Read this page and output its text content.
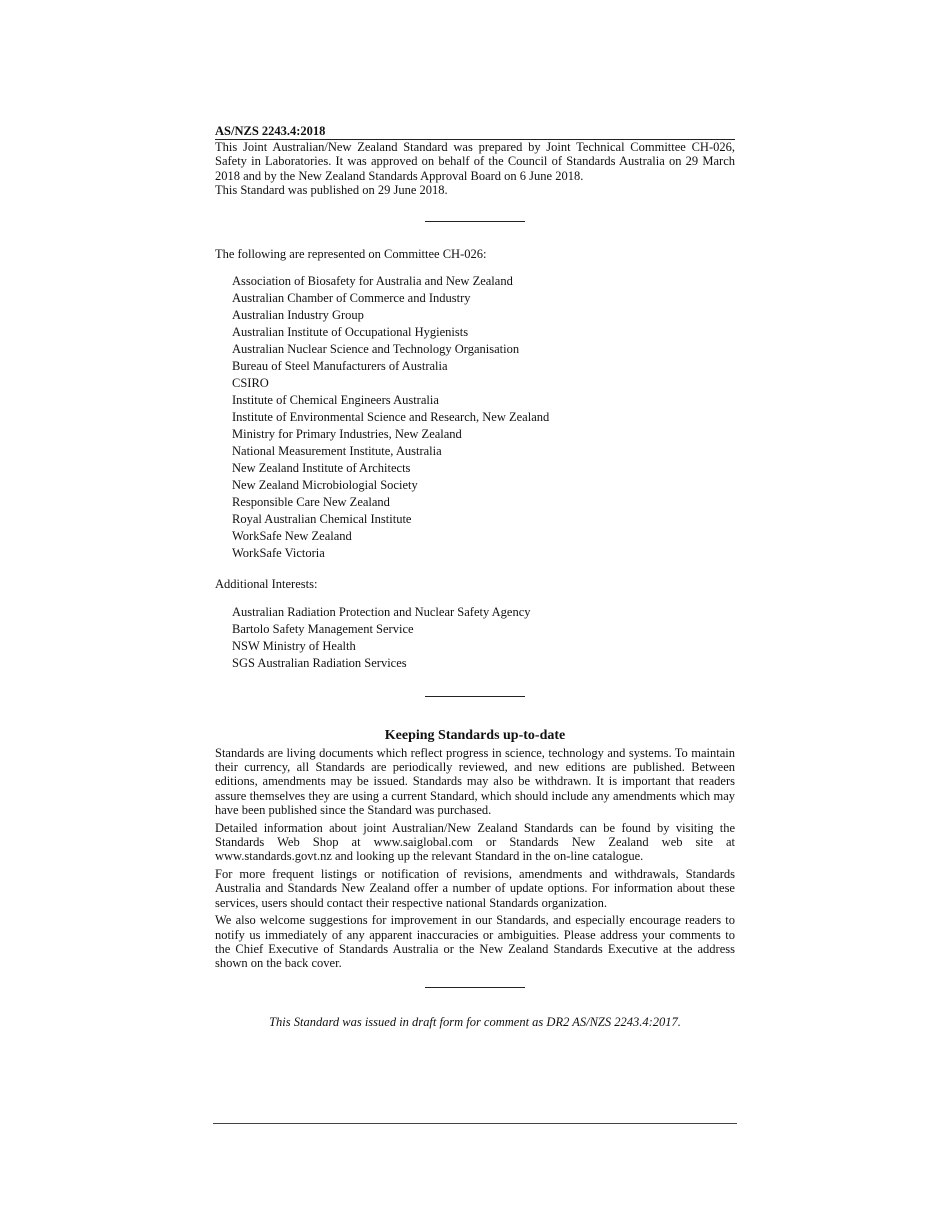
AS/NZS 2243.4:2018

This Joint Australian/New Zealand Standard was prepared by Joint Technical Committee CH-026, Safety in Laboratories. It was approved on behalf of the Council of Standards Australia on 29 March 2018 and by the New Zealand Standards Approval Board on 6 June 2018.

This Standard was published on 29 June 2018.

The following are represented on Committee CH-026:

Association of Biosafety for Australia and New Zealand
Australian Chamber of Commerce and Industry
Australian Industry Group
Australian Institute of Occupational Hygienists
Australian Nuclear Science and Technology Organisation
Bureau of Steel Manufacturers of Australia
CSIRO
Institute of Chemical Engineers Australia
Institute of Environmental Science and Research, New Zealand
Ministry for Primary Industries, New Zealand
National Measurement Institute, Australia
New Zealand Institute of Architects
New Zealand Microbiologial Society
Responsible Care New Zealand
Royal Australian Chemical Institute
WorkSafe New Zealand
WorkSafe Victoria

Additional Interests:

Australian Radiation Protection and Nuclear Safety Agency
Bartolo Safety Management Service
NSW Ministry of Health
SGS Australian Radiation Services
Keeping Standards up-to-date

Standards are living documents which reflect progress in science, technology and systems. To maintain their currency, all Standards are periodically reviewed, and new editions are published. Between editions, amendments may be issued. Standards may also be withdrawn. It is important that readers assure themselves they are using a current Standard, which should include any amendments which may have been published since the Standard was purchased.

Detailed information about joint Australian/New Zealand Standards can be found by visiting the Standards Web Shop at www.saiglobal.com or Standards New Zealand web site at www.standards.govt.nz and looking up the relevant Standard in the on-line catalogue.

For more frequent listings or notification of revisions, amendments and withdrawals, Standards Australia and Standards New Zealand offer a number of update options. For information about these services, users should contact their respective national Standards organization.

We also welcome suggestions for improvement in our Standards, and especially encourage readers to notify us immediately of any apparent inaccuracies or ambiguities. Please address your comments to the Chief Executive of Standards Australia or the New Zealand Standards Executive at the address shown on the back cover.

This Standard was issued in draft form for comment as DR2 AS/NZS 2243.4:2017.
